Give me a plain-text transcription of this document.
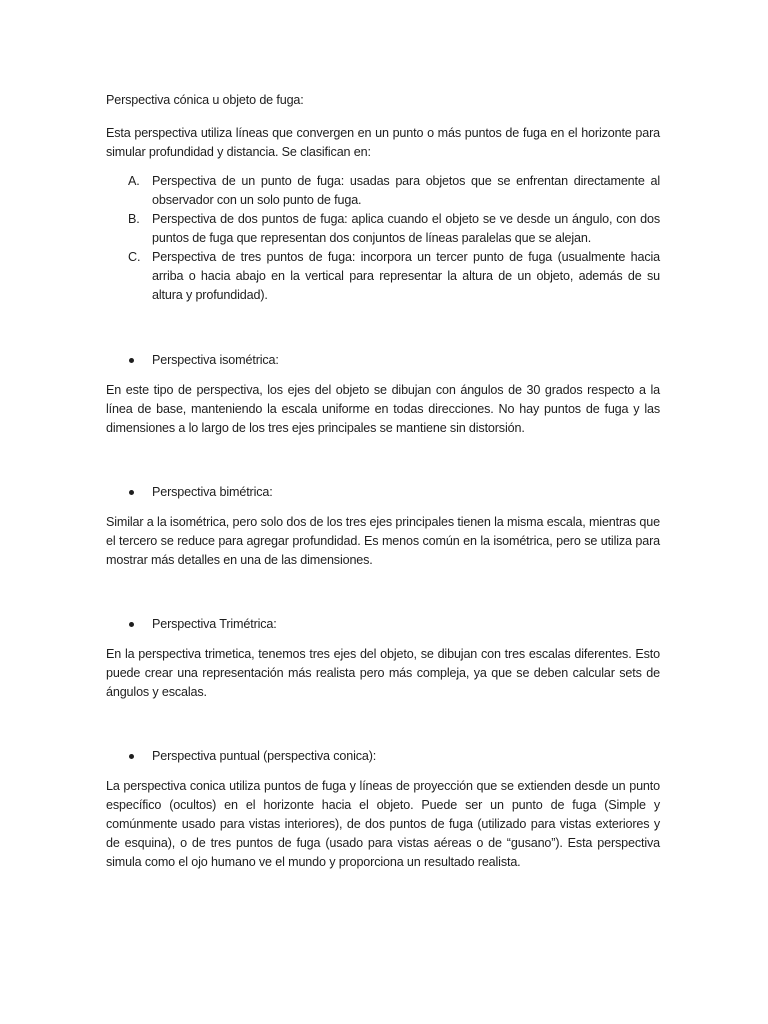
Perspectiva cónica u objeto de fuga:

Esta perspectiva utiliza líneas que convergen en un punto o más puntos de fuga en el horizonte para simular profundidad y distancia. Se clasifican en:

A. Perspectiva de un punto de fuga: usadas para objetos que se enfrentan directamente al observador con un solo punto de fuga.
B. Perspectiva de dos puntos de fuga: aplica cuando el objeto se ve desde un ángulo, con dos puntos de fuga que representan dos conjuntos de líneas paralelas que se alejan.
C. Perspectiva de tres puntos de fuga: incorpora un tercer punto de fuga (usualmente hacia arriba o hacia abajo en la vertical para representar la altura de un objeto, además de su altura y profundidad).
Perspectiva isométrica:

En este tipo de perspectiva, los ejes del objeto se dibujan con ángulos de 30 grados respecto a la línea de base, manteniendo la escala uniforme en todas direcciones. No hay puntos de fuga y las dimensiones a lo largo de los tres ejes principales se mantiene sin distorsión.

Perspectiva bimétrica:

Similar a la isométrica, pero solo dos de los tres ejes principales tienen la misma escala, mientras que el tercero se reduce para agregar profundidad. Es menos común en la isométrica, pero se utiliza para mostrar más detalles en una de las dimensiones.

Perspectiva Trimétrica:

En la perspectiva trimetica, tenemos tres ejes del objeto, se dibujan con tres escalas diferentes. Esto puede crear una representación más realista pero más compleja, ya que se deben calcular sets de ángulos y escalas.

Perspectiva puntual (perspectiva conica):

La perspectiva conica utiliza puntos de fuga y líneas de proyección que se extienden desde un punto específico (ocultos) en el horizonte hacia el objeto. Puede ser un punto de fuga (Simple y comúnmente usado para vistas interiores), de dos puntos de fuga (utilizado para vistas exteriores y de esquina), o de tres puntos de fuga (usado para vistas aéreas o de “gusano”). Esta perspectiva simula como el ojo humano ve el mundo y proporciona un resultado realista.
